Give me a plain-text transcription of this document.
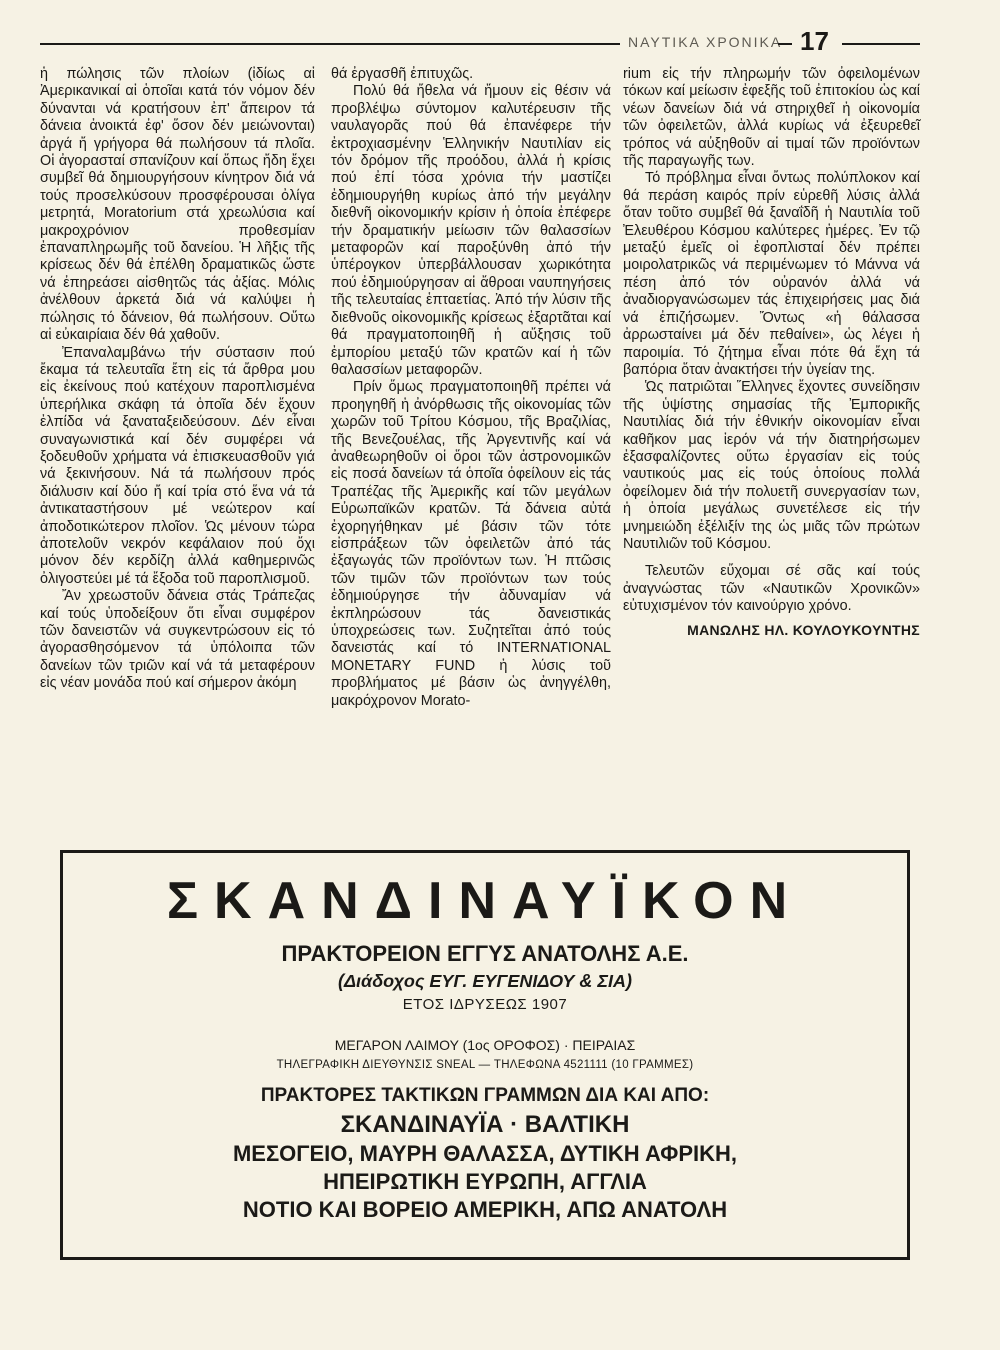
ΝΑΥΤΙΚΑ ΧΡΟΝΙΚΑ 17

ἡ πώλησις τῶν πλοίων (ἰδίως αἱ Ἀμερικανικαί αἱ ὁποῖαι κατά τόν νόμον δέν δύνανται νά κρατήσουν ἐπ' ἄπειρον τά δάνεια ἀνοικτά ἐφ' ὅσον δέν μειώνονται) ἀργά ἤ γρήγορα θά πωλήσουν τά πλοῖα. Οἱ ἀγορασταί σπανίζουν καί ὅπως ἤδη ἔχει συμβεῖ θά δημιουργήσουν κίνητρον διά νά τούς προσελκύσουν προσφέρουσαι ὀλίγα μετρητά, Moratorium στά χρεωλύσια καί μακροχρόνιον προθεσμίαν ἐπαναπληρωμῆς τοῦ δανείου. Ἡ λῆξις τῆς κρίσεως δέν θά ἐπέλθη δραματικῶς ὥστε νά ἐπηρεάσει αἰσθητῶς τάς ἀξίας. Μόλις ἀνέλθουν ἀρκετά διά νά καλύψει ἡ πώλησις τό δάνειον, θά πωλήσουν. Οὕτω αἱ εὐκαιρίαια δέν θά χαθοῦν.

Ἐπαναλαμβάνω τήν σύστασιν πού ἔκαμα τά τελευταῖα ἔτη εἰς τά ἄρθρα μου εἰς ἐκείνους πού κατέχουν παροπλισμένα ὑπερήλικα σκάφη τά ὁποῖα δέν ἔχουν ἐλπίδα νά ξαναταξειδεύσουν. Δέν εἶναι συναγωνιστικά καί δέν συμφέρει νά ξοδευθοῦν χρήματα νά ἐπισκευασθοῦν γιά νά ξεκινήσουν. Νά τά πωλήσουν πρός διάλυσιν καί δύο ἤ καί τρία στό ἕνα νά τά ἀντικαταστήσουν μέ νεώτερον καί ἀποδοτικώτερον πλοῖον. Ὡς μένουν τώρα ἀποτελοῦν νεκρόν κεφάλαιον πού ὄχι μόνον δέν κερδίζη ἀλλά καθημερινῶς ὀλιγοστεύει μέ τά ἔξοδα τοῦ παροπλισμοῦ.

Ἄν χρεωστοῦν δάνεια στάς Τράπεζας καί τούς ὑποδείξουν ὅτι εἶναι συμφέρον τῶν δανειστῶν νά συγκεντρώσουν εἰς τό ἀγορασθησόμενον τά ὑπόλοιπα τῶν δανείων τῶν τριῶν καί νά τά μεταφέρουν εἰς νέαν μονάδα πού καί σήμερον ἀκόμη

θά ἐργασθῆ ἐπιτυχῶς.

Πολύ θά ἤθελα νά ἤμουν εἰς θέσιν νά προβλέψω σύντομον καλυτέρευσιν τῆς ναυλαγορᾶς πού θά ἐπανέφερε τήν ἐκτροχιασμένην Ἑλληνικήν Ναυτιλίαν εἰς τόν δρόμον τῆς προόδου, ἀλλά ἡ κρίσις πού ἐπί τόσα χρόνια τήν μαστίζει ἐδημιουργήθη κυρίως ἀπό τήν μεγάλην διεθνῆ οἰκονομικήν κρίσιν ἡ ὁποία ἐπέφερε τήν δραματικήν μείωσιν τῶν θαλασσίων μεταφορῶν καί παροξύνθη ἀπό τήν ὑπέρογκον ὑπερβάλλουσαν χωρικότητα πού ἐδημιούργησαν αἱ ἄθροαι ναυπηγήσεις τῆς τελευταίας ἑπταετίας. Ἀπό τήν λύσιν τῆς διεθνοῦς οἰκονομικῆς κρίσεως ἐξαρτᾶται καί θά πραγματοποιηθῆ ἡ αὔξησις τοῦ ἐμπορίου μεταξύ τῶν κρατῶν καί ἡ τῶν θαλασσίων μεταφορῶν.

Πρίν ὅμως πραγματοποιηθῆ πρέπει νά προηγηθῆ ἡ ἀνόρθωσις τῆς οἰκονομίας τῶν χωρῶν τοῦ Τρίτου Κόσμου, τῆς Βραζιλίας, τῆς Βενεζουέλας, τῆς Ἀργεντινῆς καί νά ἀναθεωρηθοῦν οἱ ὅροι τῶν ἀστρονομικῶν εἰς ποσά δανείων τά ὁποῖα ὀφείλουν εἰς τάς Τραπέζας τῆς Ἀμερικῆς καί τῶν μεγάλων Εὐρωπαϊκῶν κρατῶν. Τά δάνεια αὐτά ἐχορηγήθηκαν μέ βάσιν τῶν τότε εἰσπράξεων τῶν ὀφειλετῶν ἀπό τάς ἐξαγωγάς τῶν προϊόντων των. Ἡ πτῶσις τῶν τιμῶν τῶν προϊόντων των τούς ἐδημιούργησε τήν ἀδυναμίαν νά ἐκπληρώσουν τάς δανειστικάς ὑποχρεώσεις των. Συζητεῖται ἀπό τούς δανειστάς καί τό INTERNATIONAL MONETARY FUND ἡ λύσις τοῦ προβλήματος μέ βάσιν ὡς ἀνηγγέλθη, μακρόχρονον Morato-

rium εἰς τήν πληρωμήν τῶν ὀφειλομένων τόκων καί μείωσιν ἐφεξῆς τοῦ ἐπιτοκίου ὡς καί νέων δανείων διά νά στηριχθεῖ ἡ οἰκονομία τῶν ὀφειλετῶν, ἀλλά κυρίως νά ἐξευρεθεῖ τρόπος νά αὐξηθοῦν αἱ τιμαί τῶν προϊόντων τῆς παραγωγῆς των.

Τό πρόβλημα εἶναι ὄντως πολύπλοκον καί θά περάση καιρός πρίν εὑρεθῆ λύσις ἀλλά ὅταν τοῦτο συμβεῖ θά ξαναΐδῆ ἡ Ναυτιλία τοῦ Ἐλευθέρου Κόσμου καλύτερες ἡμέρες. Ἐν τῷ μεταξύ ἐμεῖς οἱ ἐφοπλισταί δέν πρέπει μοιρολατρικῶς νά περιμένωμεν τό Μάννα νά πέση ἀπό τόν οὐρανόν ἀλλά νά ἀναδιοργανώσωμεν τάς ἐπιχειρήσεις μας διά νά ἐπιζήσωμεν. Ὄντως «ἡ θάλασσα ἀρρωσταίνει μά δέν πεθαίνει», ὡς λέγει ἡ παροιμία. Τό ζήτημα εἶναι πότε θά ἔχη τά βαπόρια ὅταν ἀνακτήσει τήν ὑγείαν της.

Ὡς πατριῶται Ἕλληνες ἔχοντες συνείδησιν τῆς ὑψίστης σημασίας τῆς Ἐμπορικῆς Ναυτιλίας διά τήν ἐθνικήν οἰκονομίαν εἶναι καθῆκον μας ἱερόν νά τήν διατηρήσωμεν ἐξασφαλίζοντες οὕτω ἐργασίαν εἰς τούς ναυτικούς μας εἰς τούς ὁποίους πολλά ὀφείλομεν διά τήν πολυετῆ συνεργασίαν των, ἡ ὁποία μεγάλως συνετέλεσε εἰς τήν μνημειώδη ἐξέλιξίν της ὡς μιᾶς τῶν πρώτων Ναυτιλιῶν τοῦ Κόσμου.

Τελευτῶν εὔχομαι σέ σᾶς καί τούς ἀναγνώστας τῶν «Ναυτικῶν Χρονικῶν» εὐτυχισμένον τόν καινούργιο χρόνο.

ΜΑΝΩΛΗΣ ΗΛ. ΚΟΥΛΟΥΚΟΥΝΤΗΣ

ΣΚΑΝΔΙΝΑΥΪΚΟΝ
ΠΡΑΚΤΟΡΕΙΟΝ ΕΓΓΥΣ ΑΝΑΤΟΛΗΣ Α.Ε.
(Διάδοχος ΕΥΓ. ΕΥΓΕΝΙΔΟΥ & ΣΙΑ)
ΕΤΟΣ ΙΔΡΥΣΕΩΣ 1907
ΜΕΓΑΡΟΝ ΛΑΙΜΟΥ (1ος ΟΡΟΦΟΣ) · ΠΕΙΡΑΙΑΣ
ΤΗΛΕΓΡΑΦΙΚΗ ΔΙΕΥΘΥΝΣΙΣ SNEAL — ΤΗΛΕΦΩΝΑ 4521111 (10 ΓΡΑΜΜΕΣ)
ΠΡΑΚΤΟΡΕΣ ΤΑΚΤΙΚΩΝ ΓΡΑΜΜΩΝ ΔΙΑ ΚΑΙ ΑΠΟ:
ΣΚΑΝΔΙΝΑΥΪΑ · ΒΑΛΤΙΚΗ
ΜΕΣΟΓΕΙΟ, ΜΑΥΡΗ ΘΑΛΑΣΣΑ, ΔΥΤΙΚΗ ΑΦΡΙΚΗ,
ΗΠΕΙΡΩΤΙΚΗ ΕΥΡΩΠΗ, ΑΓΓΛΙΑ
ΝΟΤΙΟ ΚΑΙ ΒΟΡΕΙΟ ΑΜΕΡΙΚΗ, ΑΠΩ ΑΝΑΤΟΛΗ
